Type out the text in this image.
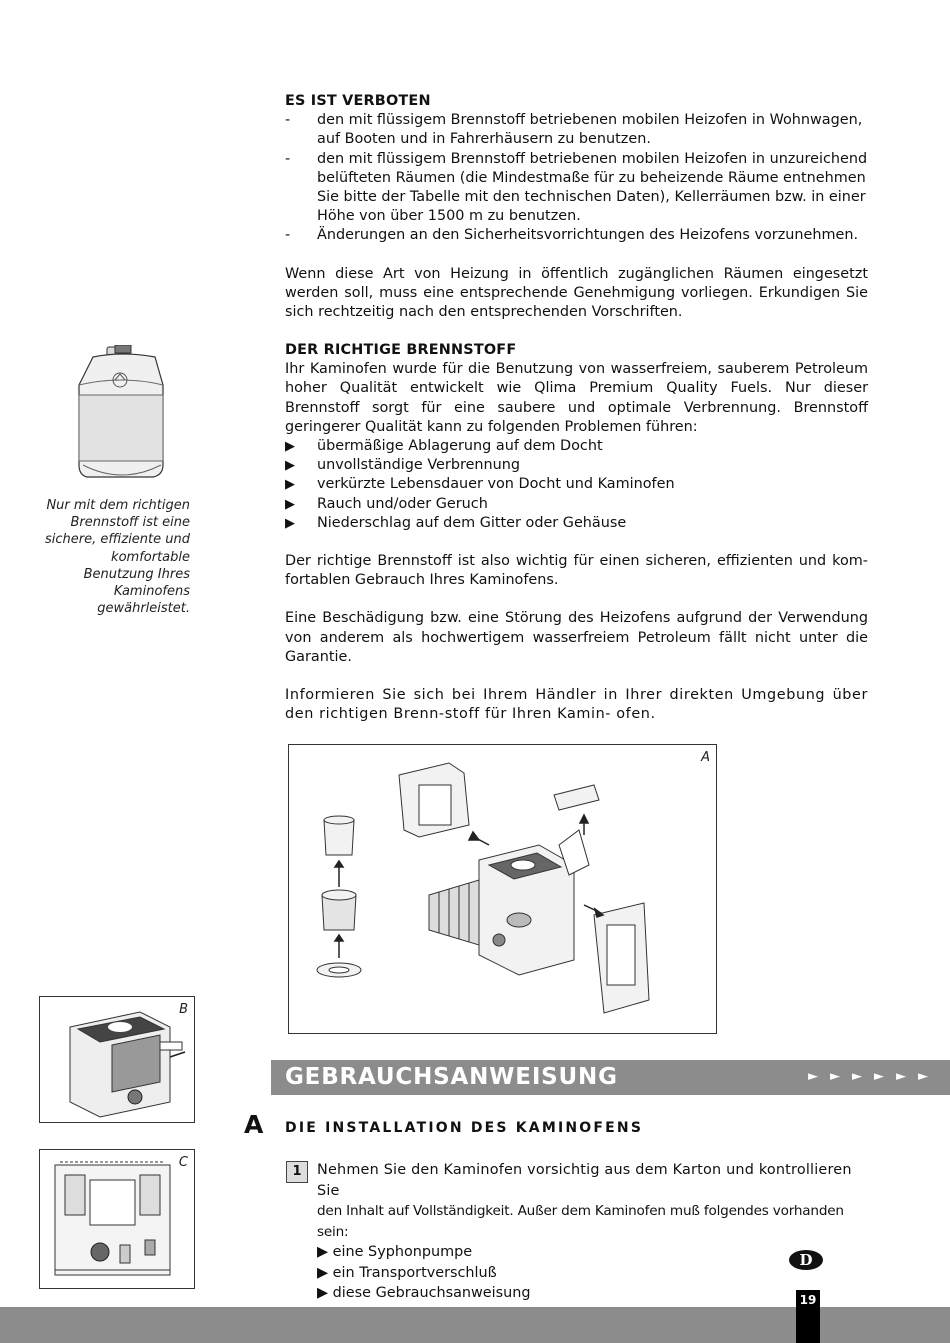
ES IST VERBOTEN
-	den mit flüssigem Brennstoff betriebenen mobilen Heizofen in Wohnwagen,
auf Booten und in Fahrerhäusern zu benutzen.
-	den mit flüssigem Brennstoff betriebenen mobilen Heizofen in unzureichend
belüfteten Räumen (die Mindestmaße für zu beheizende Räume entnehmen
Sie bitte der Tabelle mit den technischen Daten), Kellerräumen bzw. in einer
Höhe von über 1500 m zu benutzen.
-	Änderungen an den Sicherheitsvorrichtungen des Heizofens vorzunehmen.
Wenn diese Art von Heizung in öffentlich zugänglichen Räumen eingesetzt werden soll, muss eine entsprechende Genehmigung vorliegen. Erkundigen Sie sich rechtzeitig nach den entsprechenden Vorschriften.
DER RICHTIGE BRENNSTOFF
Ihr Kaminofen wurde für die Benutzung von wasserfreiem, sauberem Petroleum hoher Qualität entwickelt wie Qlima Premium Quality Fuels. Nur dieser Brennstoff sorgt für eine saubere und optimale Verbrennung. Brennstoff geringerer Qualität kann zu folgenden Problemen führen:
▶	übermäßige Ablagerung auf dem Docht
▶	unvollständige Verbrennung
▶	verkürzte Lebensdauer von Docht und Kaminofen
▶	Rauch und/oder Geruch
▶	Niederschlag auf dem Gitter oder Gehäuse
Der richtige Brennstoff ist also wichtig für einen sicheren, effizienten und kom-fortablen Gebrauch Ihres Kaminofens.
Eine Beschädigung bzw. eine Störung des Heizofens aufgrund der Verwendung von anderem als hochwertigem wasserfreiem Petroleum fällt nicht unter die Garantie.
Informieren Sie sich bei Ihrem Händler in Ihrer direkten Umgebung über den richtigen Brenn-stoff für Ihren Kamin- ofen.
Nur mit dem richtigen Brennstoff ist eine sichere, effiziente und komfortable Benutzung Ihres Kaminofens gewährleistet.
A
B
C
GEBRAUCHSANWEISUNG	►►►►►►
A DIE INSTALLATION DES KAMINOFENS
1	Nehmen Sie den Kaminofen vorsichtig aus dem Karton und kontrollieren Sie
den Inhalt auf Vollständigkeit. Außer dem Kaminofen muß folgendes vorhanden sein:
▶ eine Syphonpumpe
▶ ein Transportverschluß
▶ diese Gebrauchsanweisung
D
19
